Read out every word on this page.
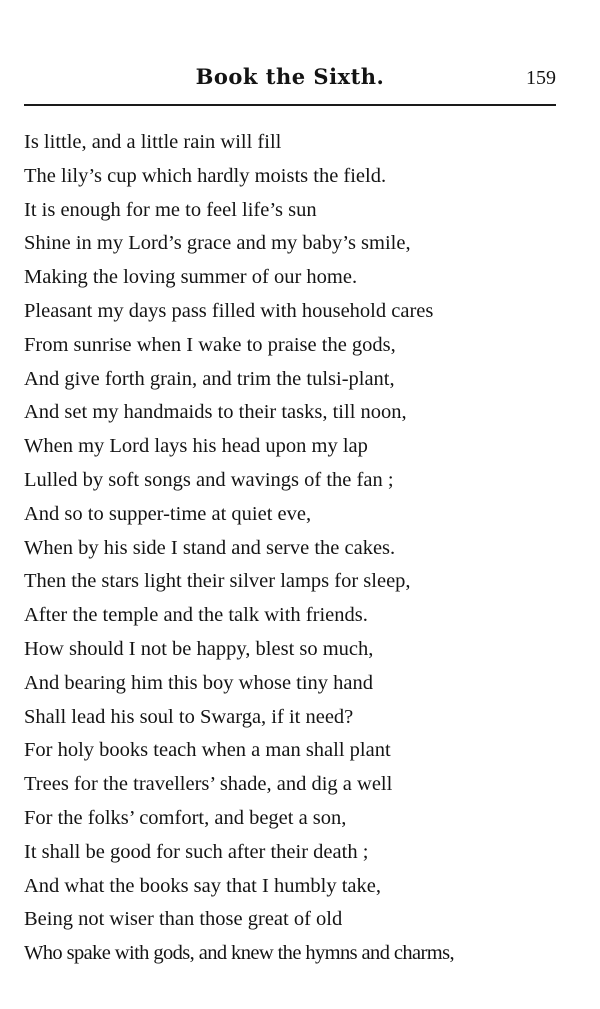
Book the Sixth.	159
Is little, and a little rain will fill
The lily’s cup which hardly moists the field.
It is enough for me to feel life’s sun
Shine in my Lord’s grace and my baby’s smile,
Making the loving summer of our home.
Pleasant my days pass filled with household cares
From sunrise when I wake to praise the gods,
And give forth grain, and trim the tulsi-plant,
And set my handmaids to their tasks, till noon,
When my Lord lays his head upon my lap
Lulled by soft songs and wavings of the fan ;
And so to supper-time at quiet eve,
When by his side I stand and serve the cakes.
Then the stars light their silver lamps for sleep,
After the temple and the talk with friends.
How should I not be happy, blest so much,
And bearing him this boy whose tiny hand
Shall lead his soul to Swarga, if it need?
For holy books teach when a man shall plant
Trees for the travellers’ shade, and dig a well
For the folks’ comfort, and beget a son,
It shall be good for such after their death ;
And what the books say that I humbly take,
Being not wiser than those great of old
Who spake with gods, and knew the hymns and charms,
